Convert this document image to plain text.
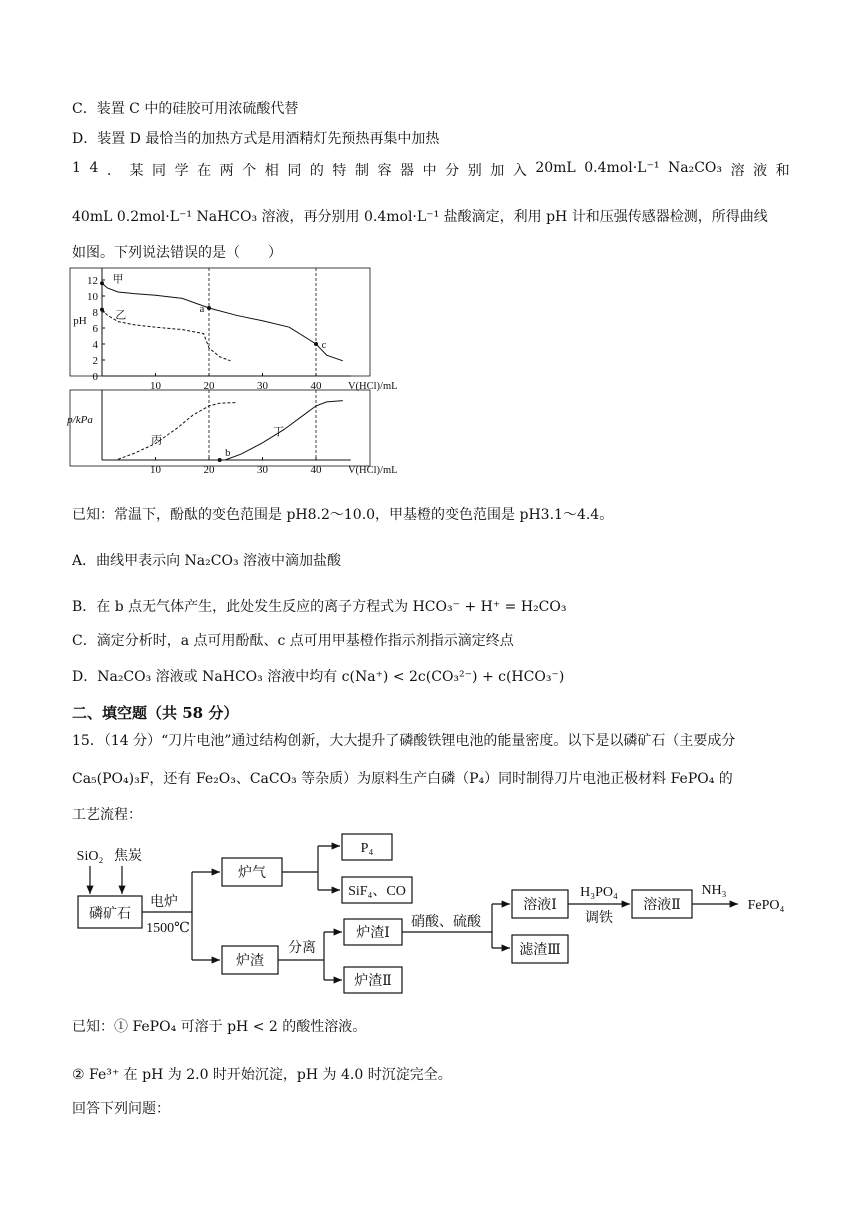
C．装置 C 中的硅胶可用浓硫酸代替
D．装置 D 最恰当的加热方式是用酒精灯先预热再集中加热
1 4 ． 某 同 学 在 两 个 相 同 的 特 制 容 器 中 分 别 加 入 20mL 0.4mol·L⁻¹ Na₂CO₃ 溶 液 和
40mL 0.2mol·L⁻¹ NaHCO₃ 溶液，再分别用 0.4mol·L⁻¹ 盐酸滴定，利用 pH 计和压强传感器检测，所得曲线
如图。下列说法错误的是（　　）
10	20	30	40
0
2
4
6
8
10
12
pH
V(HCl)/mL
甲
乙	a
c
10	20	30	40
p/kPa
V(HCl)/mL
丙
丁
b
已知：常温下，酚酞的变色范围是 pH8.2～10.0，甲基橙的变色范围是 pH3.1～4.4。
A．曲线甲表示向 Na₂CO₃ 溶液中滴加盐酸
B．在 b 点无气体产生，此处发生反应的离子方程式为 HCO₃⁻ + H⁺ = H₂CO₃
C．滴定分析时，a 点可用酚酞、c 点可用甲基橙作指示剂指示滴定终点
D．Na₂CO₃ 溶液或 NaHCO₃ 溶液中均有 c(Na⁺) < 2c(CO₃²⁻) + c(HCO₃⁻)
二、填空题（共 58 分）
15．（14 分）“刀片电池”通过结构创新，大大提升了磷酸铁锂电池的能量密度。以下是以磷矿石（主要成分
Ca₅(PO₄)₃F，还有 Fe₂O₃、CaCO₃ 等杂质）为原料生产白磷（P₄）同时制得刀片电池正极材料 FePO₄ 的
工艺流程：
SiO₂ 焦炭
磷矿石
电炉
1500℃
炉气
炉渣
P₄
SiF₄、CO
分离
炉渣Ⅰ
炉渣Ⅱ
硝酸、硫酸
溶液Ⅰ
滤渣Ⅲ
H₃PO₄
调铁
溶液Ⅱ
NH₃
FePO₄
已知：① FePO₄ 可溶于 pH < 2 的酸性溶液。
② Fe³⁺ 在 pH 为 2.0 时开始沉淀，pH 为 4.0 时沉淀完全。
回答下列问题：
